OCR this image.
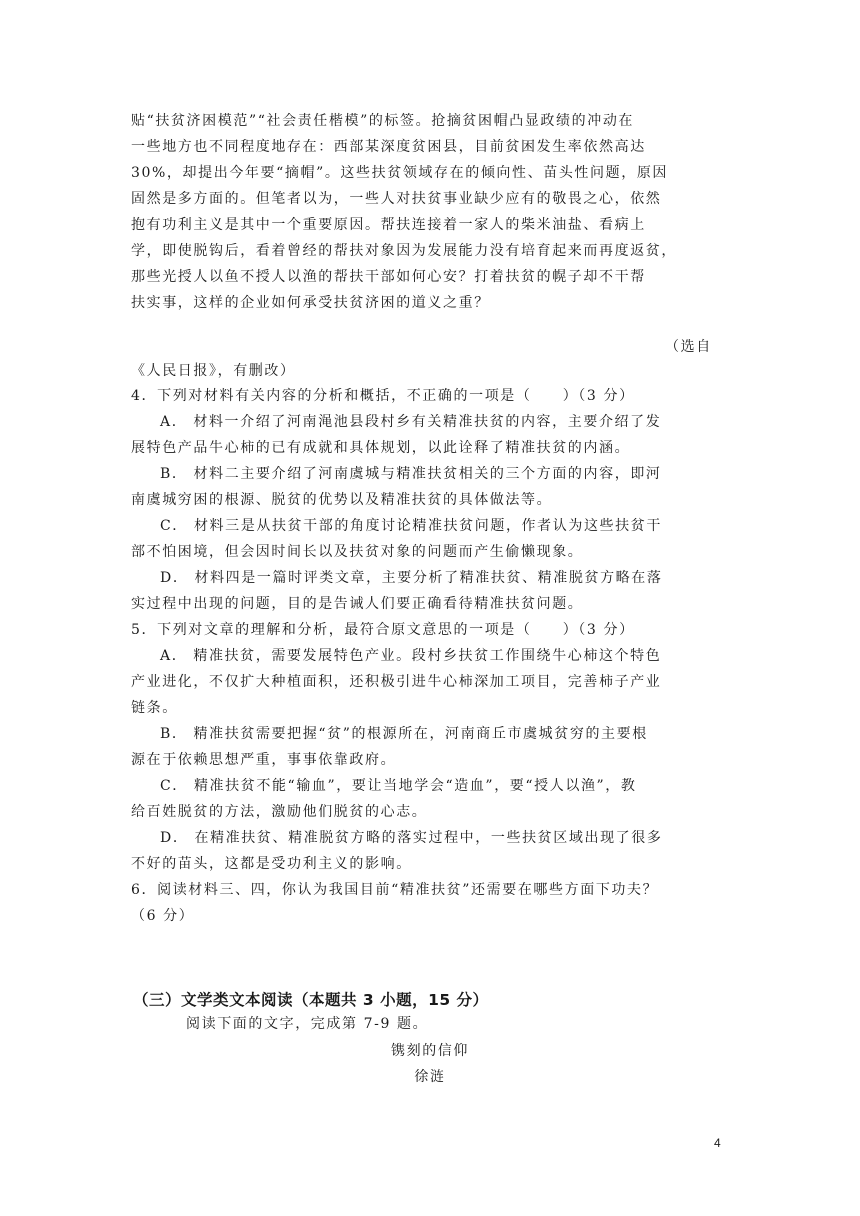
贴“扶贫济困模范”“社会责任楷模”的标签。抢摘贫困帽凸显政绩的冲动在
一些地方也不同程度地存在：西部某深度贫困县，目前贫困发生率依然高达
30%，却提出今年要“摘帽”。这些扶贫领域存在的倾向性、苗头性问题，原因
固然是多方面的。但笔者以为，一些人对扶贫事业缺少应有的敬畏之心，依然
抱有功利主义是其中一个重要原因。帮扶连接着一家人的柴米油盐、看病上
学，即使脱钩后，看着曾经的帮扶对象因为发展能力没有培育起来而再度返贫，
那些光授人以鱼不授人以渔的帮扶干部如何心安？打着扶贫的幌子却不干帮
扶实事，这样的企业如何承受扶贫济困的道义之重？
（选自
《人民日报》，有删改）
4．下列对材料有关内容的分析和概括，不正确的一项是（　　）（3 分）
A． 材料一介绍了河南渑池县段村乡有关精准扶贫的内容，主要介绍了发
展特色产品牛心柿的已有成就和具体规划，以此诠释了精准扶贫的内涵。
B． 材料二主要介绍了河南虞城与精准扶贫相关的三个方面的内容，即河
南虞城穷困的根源、脱贫的优势以及精准扶贫的具体做法等。
C． 材料三是从扶贫干部的角度讨论精准扶贫问题，作者认为这些扶贫干
部不怕困境，但会因时间长以及扶贫对象的问题而产生偷懒现象。
D． 材料四是一篇时评类文章，主要分析了精准扶贫、精准脱贫方略在落
实过程中出现的问题，目的是告诫人们要正确看待精准扶贫问题。
5．下列对文章的理解和分析，最符合原文意思的一项是（　　）（3 分）
A． 精准扶贫，需要发展特色产业。段村乡扶贫工作围绕牛心柿这个特色
产业进化，不仅扩大种植面积，还积极引进牛心柿深加工项目，完善柿子产业
链条。
B． 精准扶贫需要把握“贫”的根源所在，河南商丘市虞城贫穷的主要根
源在于依赖思想严重，事事依靠政府。
C． 精准扶贫不能“输血”，要让当地学会“造血”，要“授人以渔”，教
给百姓脱贫的方法，激励他们脱贫的心志。
D． 在精准扶贫、精准脱贫方略的落实过程中，一些扶贫区域出现了很多
不好的苗头，这都是受功利主义的影响。
6．阅读材料三、四，你认为我国目前“精准扶贫”还需要在哪些方面下功夫？
（6 分）
（三）文学类文本阅读（本题共 3 小题，15 分）
阅读下面的文字，完成第 7-9 题。
镌刻的信仰
徐涟
4
